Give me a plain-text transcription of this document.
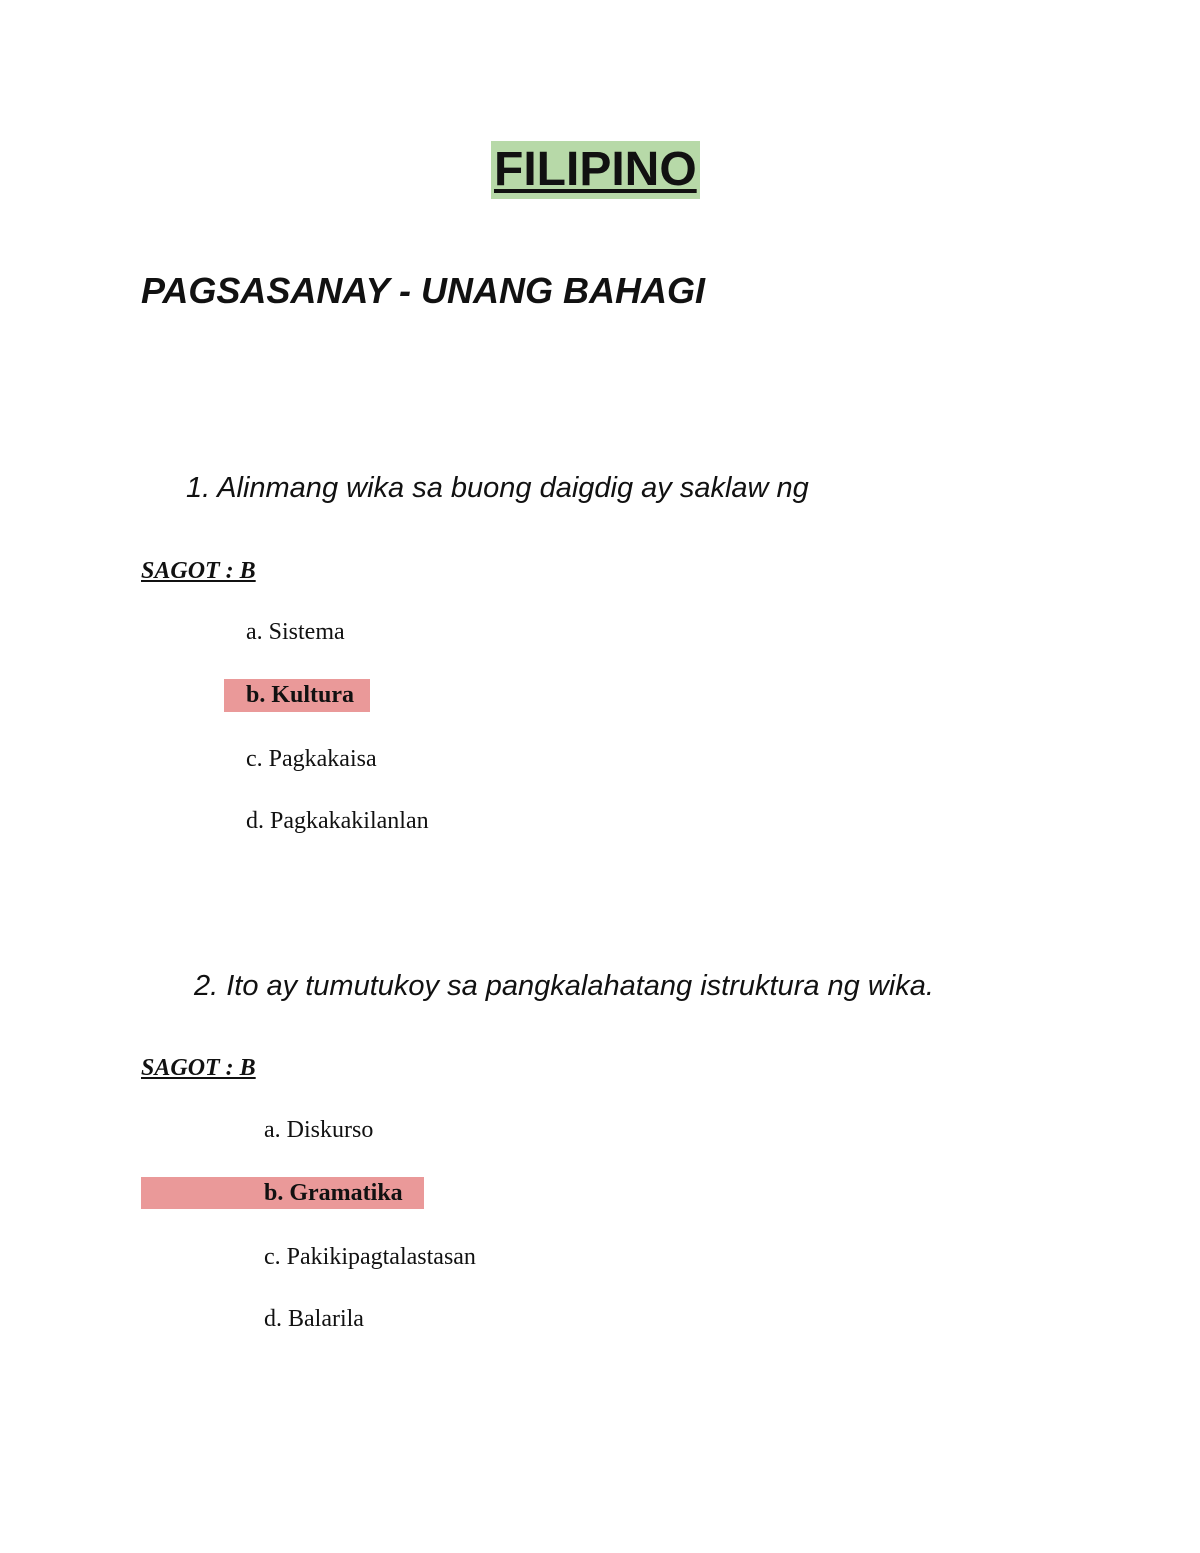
FILIPINO
PAGSASANAY - UNANG BAHAGI

1. Alinmang wika sa buong daigdig ay saklaw ng

SAGOT : B

a. Sistema

b. Kultura

c. Pagkakaisa

d. Pagkakakilanlan

2. Ito ay tumutukoy sa pangkalahatang istruktura ng wika.

SAGOT : B

a. Diskurso

b. Gramatika

c. Pakikipagtalastasan

d. Balarila
